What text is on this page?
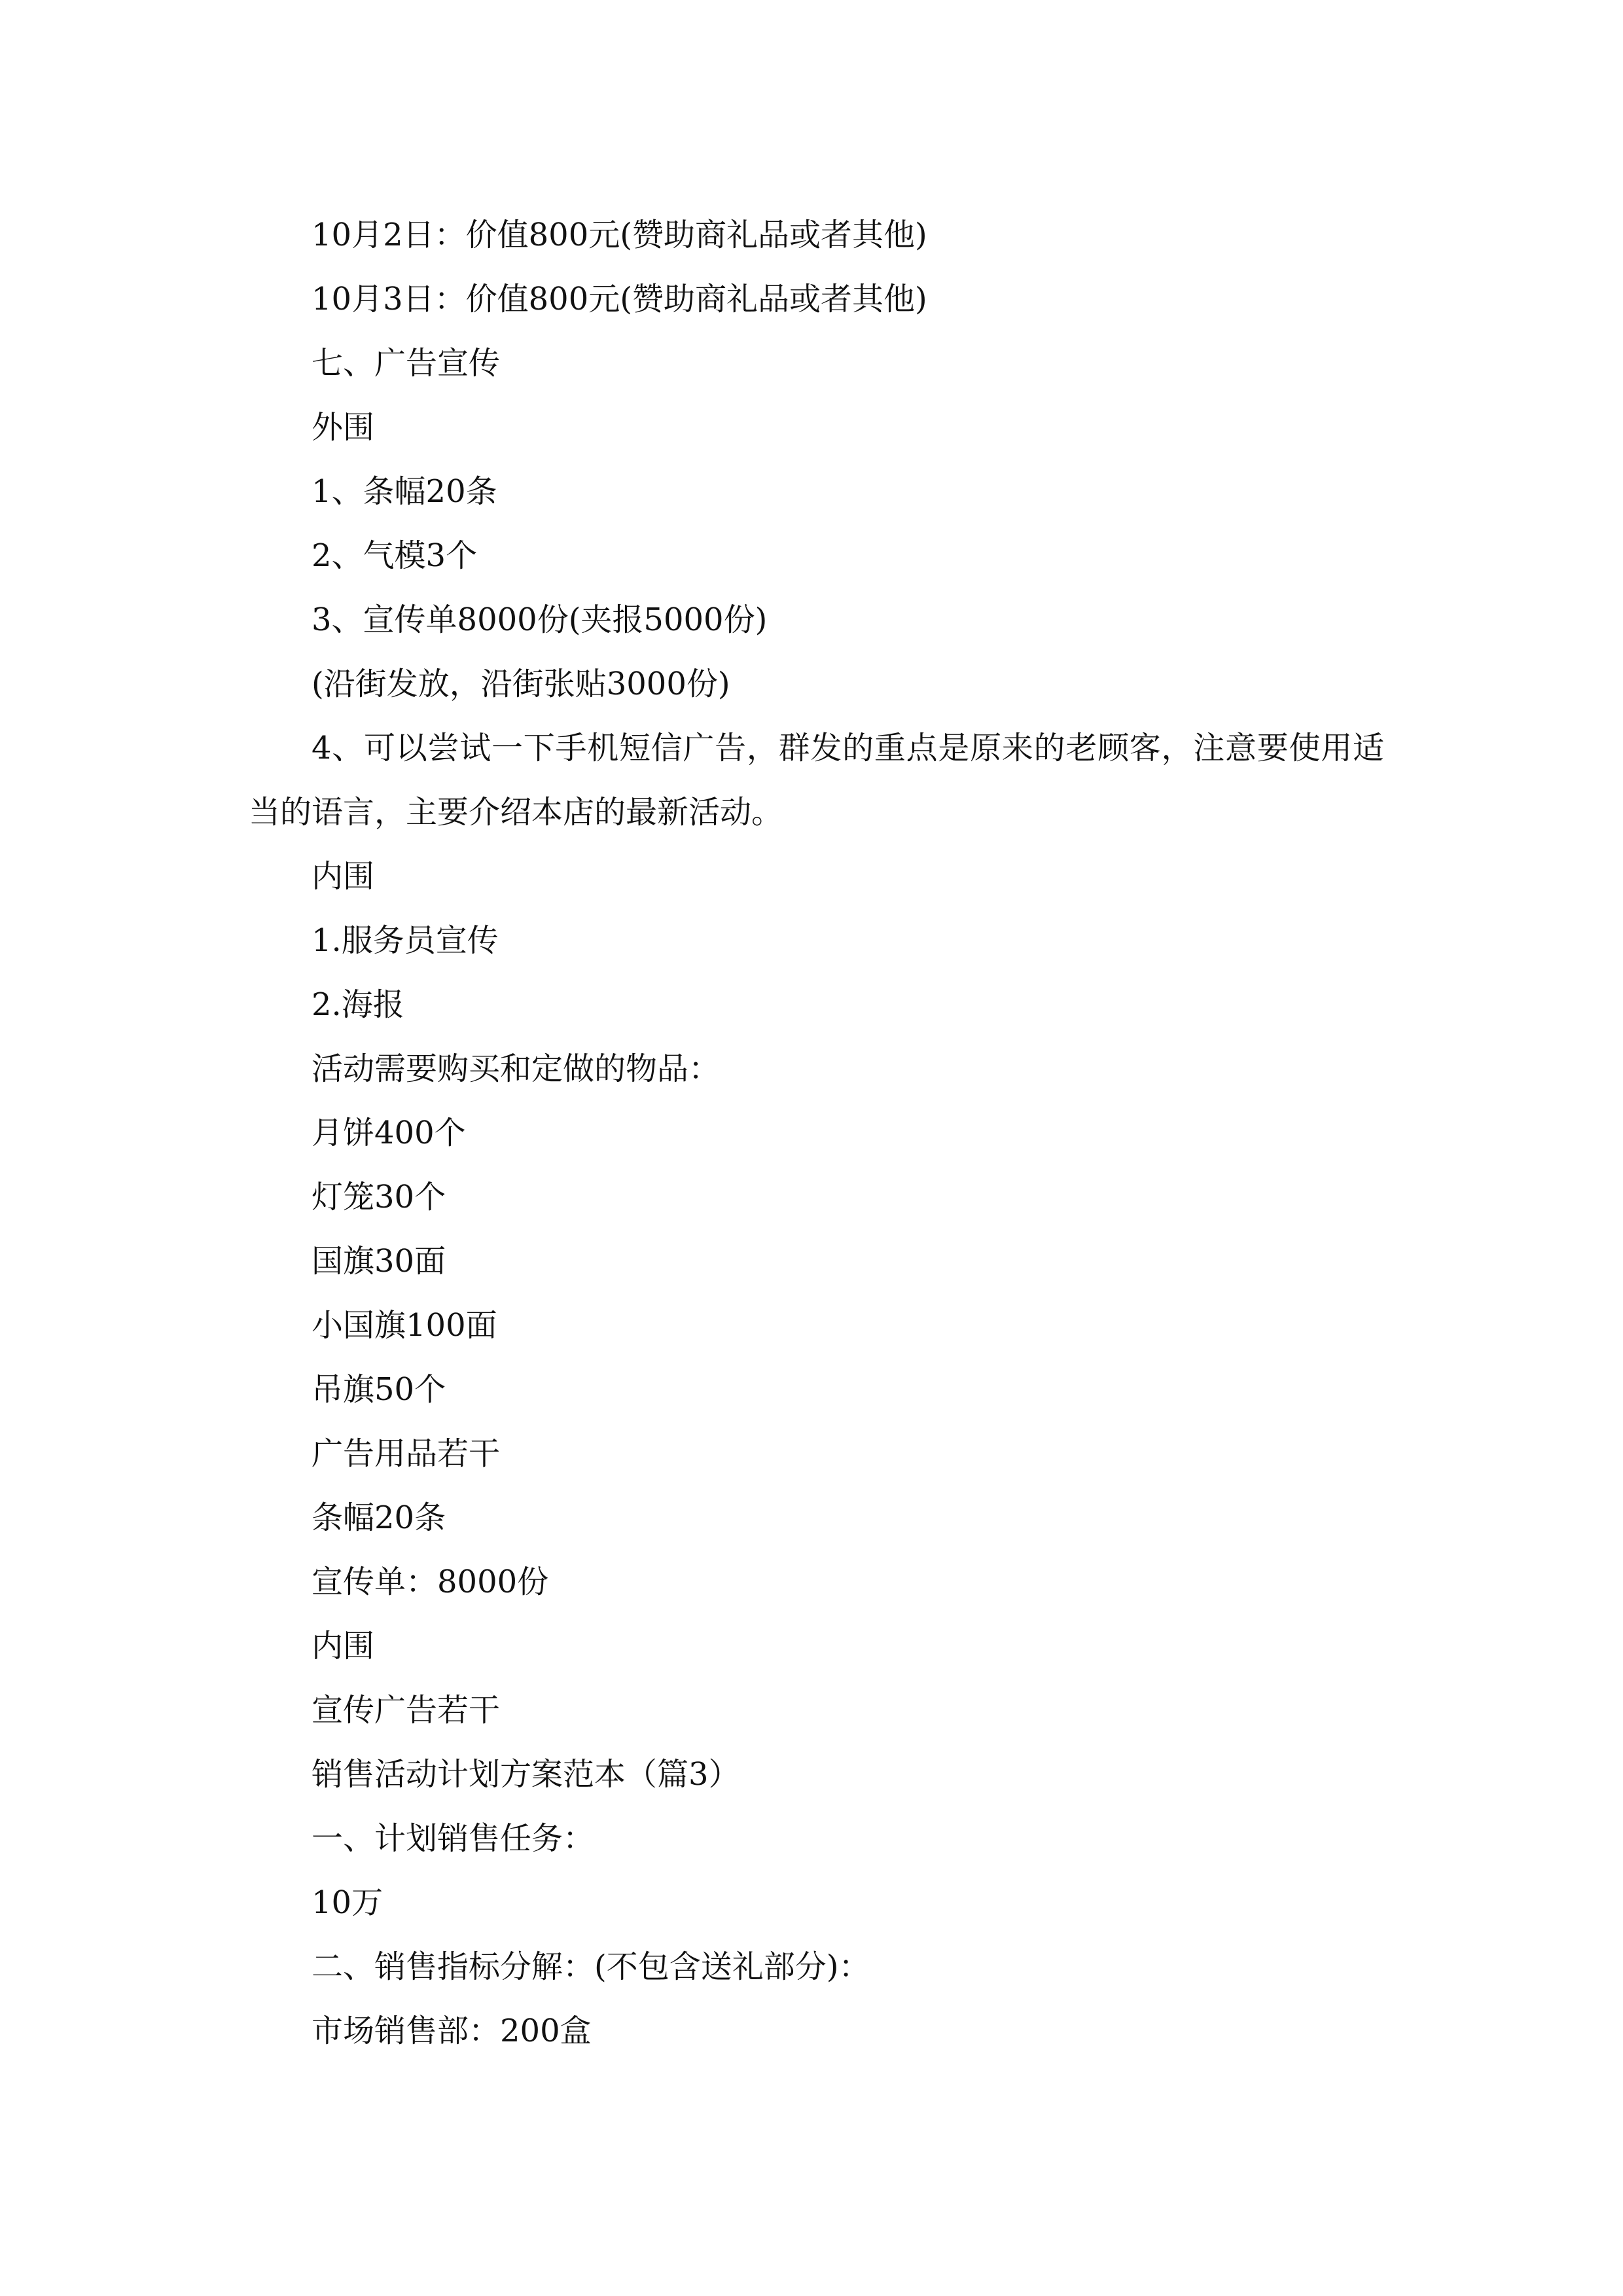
10月2日：价值800元(赞助商礼品或者其他)

10月3日：价值800元(赞助商礼品或者其他)

七、广告宣传

外围

1、条幅20条

2、气模3个

3、宣传单8000份(夹报5000份)

(沿街发放，沿街张贴3000份)

4、可以尝试一下手机短信广告，群发的重点是原来的老顾客，注意要使用适当的语言，主要介绍本店的最新活动。

内围

1.服务员宣传

2.海报

活动需要购买和定做的物品：

月饼400个

灯笼30个

国旗30面

小国旗100面

吊旗50个

广告用品若干

条幅20条

宣传单：8000份

内围

宣传广告若干

销售活动计划方案范本（篇3）

一、计划销售任务：

10万

二、销售指标分解：(不包含送礼部分)：

市场销售部：200盒
